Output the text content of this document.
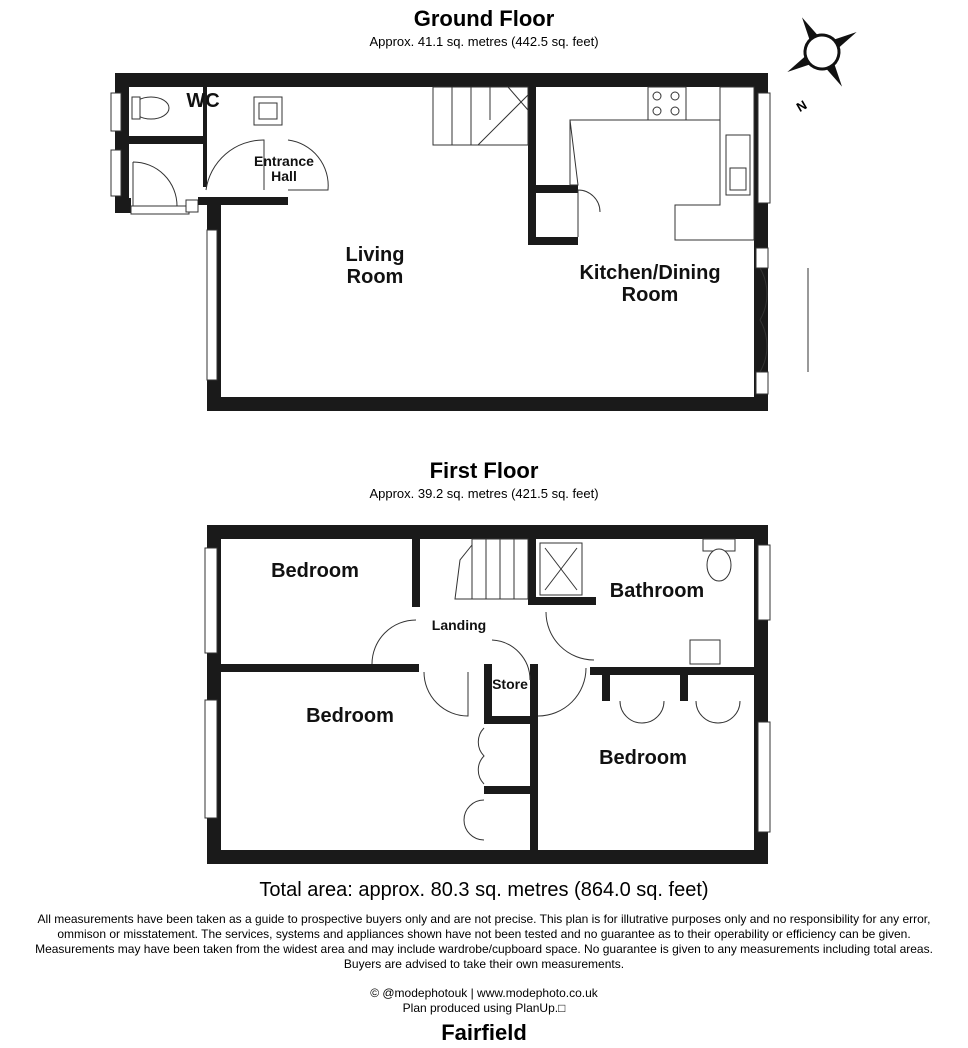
Ground Floor
Approx. 41.1 sq. metres (442.5 sq. feet)
First Floor
Approx. 39.2 sq. metres (421.5 sq. feet)
N
WC
Entrance
Hall
Living
Room	Kitchen/Dining
Room
Bedroom
Landing
Bathroom
Store
Bedroom
Bedroom
Total area: approx. 80.3 sq. metres (864.0 sq. feet)
All measurements have been taken as a guide to prospective buyers only and are not precise. This plan is for illutrative purposes only and no responsibility for any error,
ommison or misstatement. The services, systems and appliances shown have not been tested and no guarantee as to their operability or efficiency can be given.
Measurements may have been taken from the widest area and may include wardrobe/cupboard space. No guarantee is given to any measurements including total areas.
Buyers are advised to take their own measurements.
© @modephotouk | www.modephoto.co.uk
Plan produced using PlanUp.□
Fairfield
